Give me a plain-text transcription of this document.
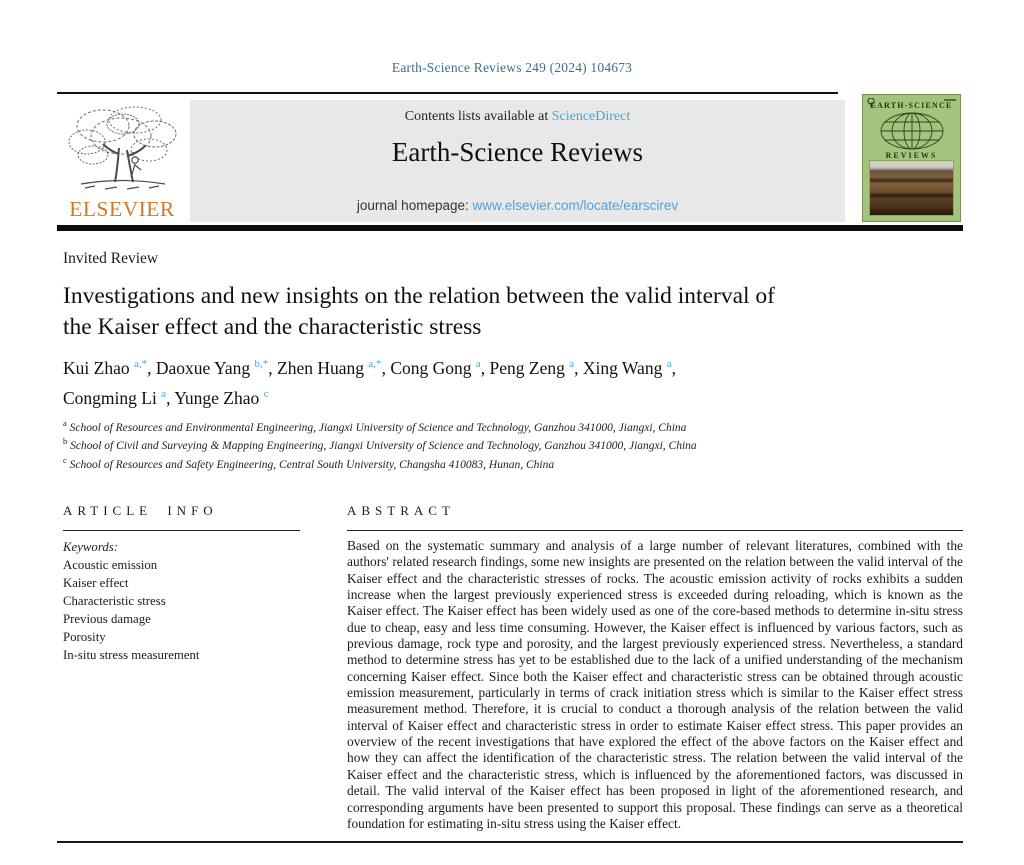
Earth-Science Reviews 249 (2024) 104673
ELSEVIER
Contents lists available at ScienceDirect
Earth-Science Reviews
journal homepage: www.elsevier.com/locate/earscirev
EARTH-SCIENCE
REVIEWS
Invited Review
Investigations and new insights on the relation between the valid interval of
the Kaiser effect and the characteristic stress
Kui Zhao $^{a,*}$, Daoxue Yang $^{b,*}$, Zhen Huang $^{a,*}$, Cong Gong $^a$, Peng Zeng $^a$, Xing Wang $^a$,
Congming Li $^a$, Yunge Zhao $^c$
$^a$ School of Resources and Environmental Engineering, Jiangxi University of Science and Technology, Ganzhou 341000, Jiangxi, China
$^b$ School of Civil and Surveying & Mapping Engineering, Jiangxi University of Science and Technology, Ganzhou 341000, Jiangxi, China
$^c$ School of Resources and Safety Engineering, Central South University, Changsha 410083, Hunan, China
ARTICLE INFO
Keywords:
Acoustic emission
Kaiser effect
Characteristic stress
Previous damage
Porosity
In-situ stress measurement
ABSTRACT
Based on the systematic summary and analysis of a large number of relevant literatures, combined with the authors' related research findings, some new insights are presented on the relation between the valid interval of the Kaiser effect and the characteristic stresses of rocks. The acoustic emission activity of rocks exhibits a sudden increase when the largest previously experienced stress is exceeded during reloading, which is known as the Kaiser effect. The Kaiser effect has been widely used as one of the core-based methods to determine in-situ stress due to cheap, easy and less time consuming. However, the Kaiser effect is influenced by various factors, such as previous damage, rock type and porosity, and the largest previously experienced stress. Nevertheless, a standard method to determine stress has yet to be established due to the lack of a unified understanding of the mechanism concerning Kaiser effect. Since both the Kaiser effect and characteristic stress can be obtained through acoustic emission measurement, particularly in terms of crack initiation stress which is similar to the Kaiser effect stress measurement method. Therefore, it is crucial to conduct a thorough analysis of the relation between the valid interval of Kaiser effect and characteristic stress in order to estimate Kaiser effect stress. This paper provides an overview of the recent investigations that have explored the effect of the above factors on the Kaiser effect and how they can affect the identification of the characteristic stress. The relation between the valid interval of the Kaiser effect and the characteristic stress, which is influenced by the aforementioned factors, was discussed in detail. The valid interval of the Kaiser effect has been proposed in light of the aforementioned research, and corresponding arguments have been presented to support this proposal. These findings can serve as a theoretical foundation for estimating in-situ stress using the Kaiser effect.
